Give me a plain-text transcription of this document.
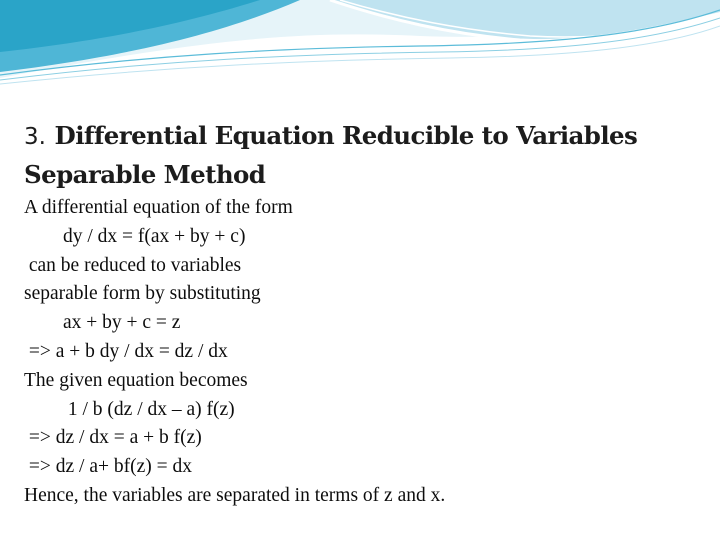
3. Differential Equation Reducible to Variables
Separable Method
A differential equation of the form
dy / dx = f(ax + by + c)
can be reduced to variables
separable form by substituting
ax + by + c = z
=> a + b dy / dx = dz / dx
The given equation becomes
1 / b (dz / dx – a) f(z)
=> dz / dx = a + b f(z)
=> dz / a+ bf(z) = dx
Hence, the variables are separated in terms of z and x.
